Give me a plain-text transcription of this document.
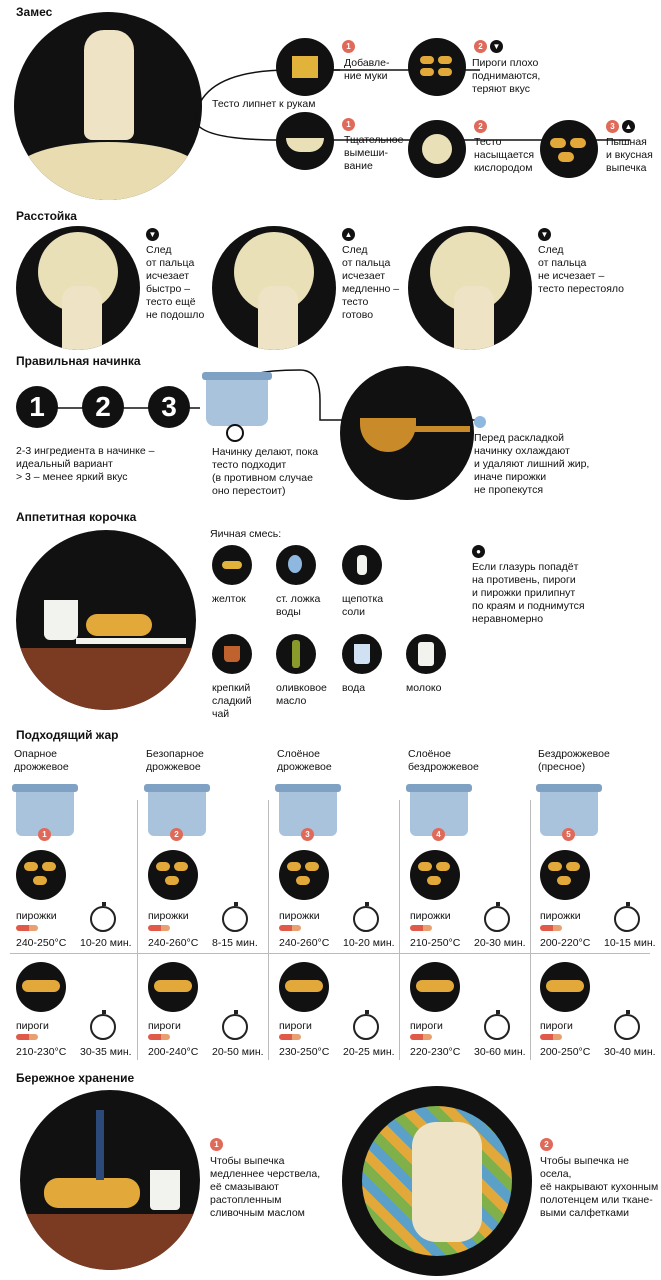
Замес
Тесто липнет к рукам
1
Добавле-
ние муки
2	▼
Пироги плохо
поднимаются,
теряют вкус
1
Тщательное
вымеши-
вание
2
Тесто
насыщается
кислородом
3	▲
Пышная
и вкусная
выпечка
Расстойка
▼
След
от пальца
исчезает
быстро –
тесто ещё
не подошло
▲
След
от пальца
исчезает
медленно –
тесто
готово
▼
След
от пальца
не исчезает –
тесто перестояло
Правильная начинка
1	2	3
2-3 ингредиента в начинке –
идеальный вариант
> 3 – менее яркий вкус
Начинку делают, пока
тесто подходит
(в противном случае
оно перестоит)
Перед раскладкой
начинку охлаждают
и удаляют лишний жир,
иначе пирожки
не пропекутся
Аппетитная корочка
Яичная смесь:
желток	ст. ложка
воды
щепотка
соли
крепкий
сладкий
чай
оливковое
масло
вода	молоко
●
Если глазурь попадёт
на противень, пироги
и пирожки прилипнут
по краям и поднимутся
неравномерно
Подходящий жар
Опарное
дрожжевое
1
пирожки
240-250°С 10-20 мин.
пироги
210-230°С 30-35 мин.
Безопарное
дрожжевое
2
пирожки
240-260°С 8-15 мин.
пироги
200-240°С 20-50 мин.
Слоёное
дрожжевое
3
пирожки
240-260°С 10-20 мин.
пироги
230-250°С 20-25 мин.
Слоёное
бездрожжевое
4
пирожки
210-250°С 20-30 мин.
пироги
220-230°С 30-60 мин.
Бездрожжевое
(пресное)
5
пирожки
200-220°С 10-15 мин.
пироги
200-250°С 30-40 мин.
Бережное хранение
1
Чтобы выпечка
медленнее черствела,
её смазывают
растопленным
сливочным маслом
2
Чтобы выпечка не осела,
её накрывают кухонным
полотенцем или ткане-
выми салфетками
